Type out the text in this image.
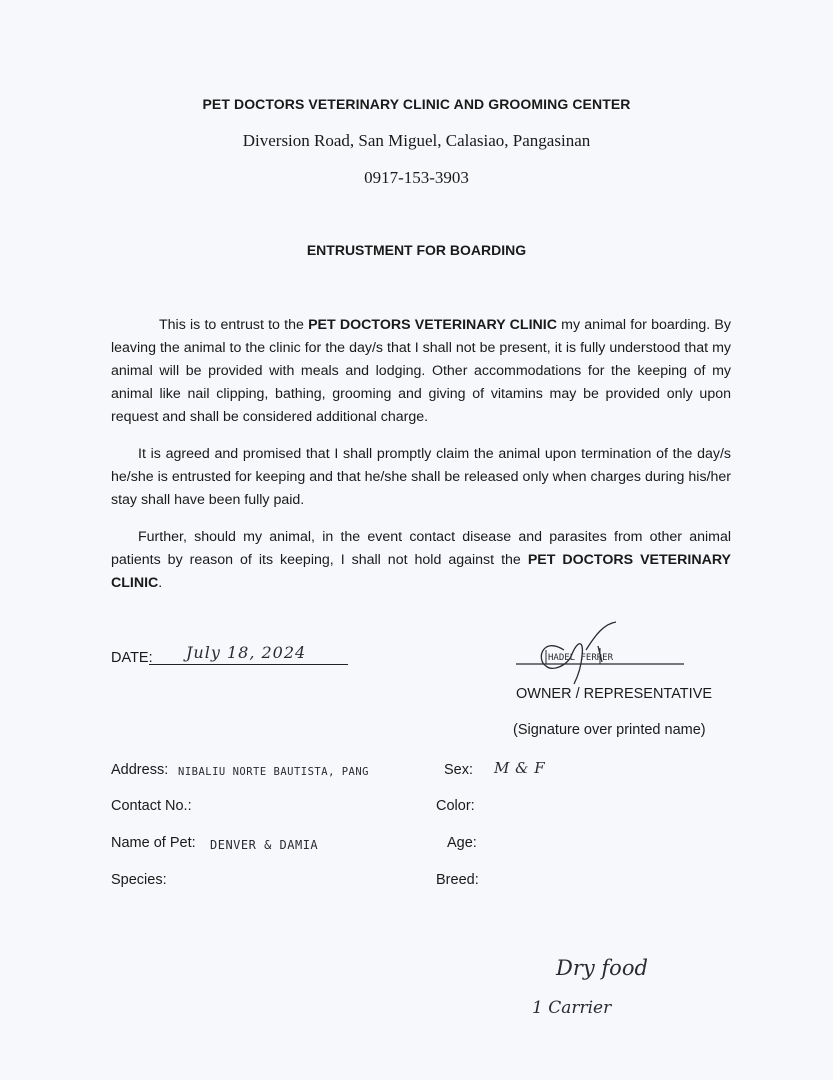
PET DOCTORS VETERINARY CLINIC AND GROOMING CENTER
Diversion Road, San Miguel, Calasiao, Pangasinan
0917-153-3903
ENTRUSTMENT FOR BOARDING

This is to entrust to the PET DOCTORS VETERINARY CLINIC my animal for boarding. By leaving the animal to the clinic for the day/s that I shall not be present, it is fully understood that my animal will be provided with meals and lodging. Other accommodations for the keeping of my animal like nail clipping, bathing, grooming and giving of vitamins may be provided only upon request and shall be considered additional charge.

It is agreed and promised that I shall promptly claim the animal upon termination of the day/s he/she is entrusted for keeping and that he/she shall be released only when charges during his/her stay shall have been fully paid.

Further, should my animal, in the event contact disease and parasites from other animal patients by reason of its keeping, I shall not hold against the PET DOCTORS VETERINARY CLINIC.

DATE: July 18, 2024	HADEL FERRER
OWNER / REPRESENTATIVE
(Signature over printed name)
Address: NIBALIU NORTE BAUTISTA, PANG
Contact No.:
Name of Pet: DENVER & DAMIA
Species:
Sex: M & F
Color:
Age:
Breed:
Dry food
1 Carrier
